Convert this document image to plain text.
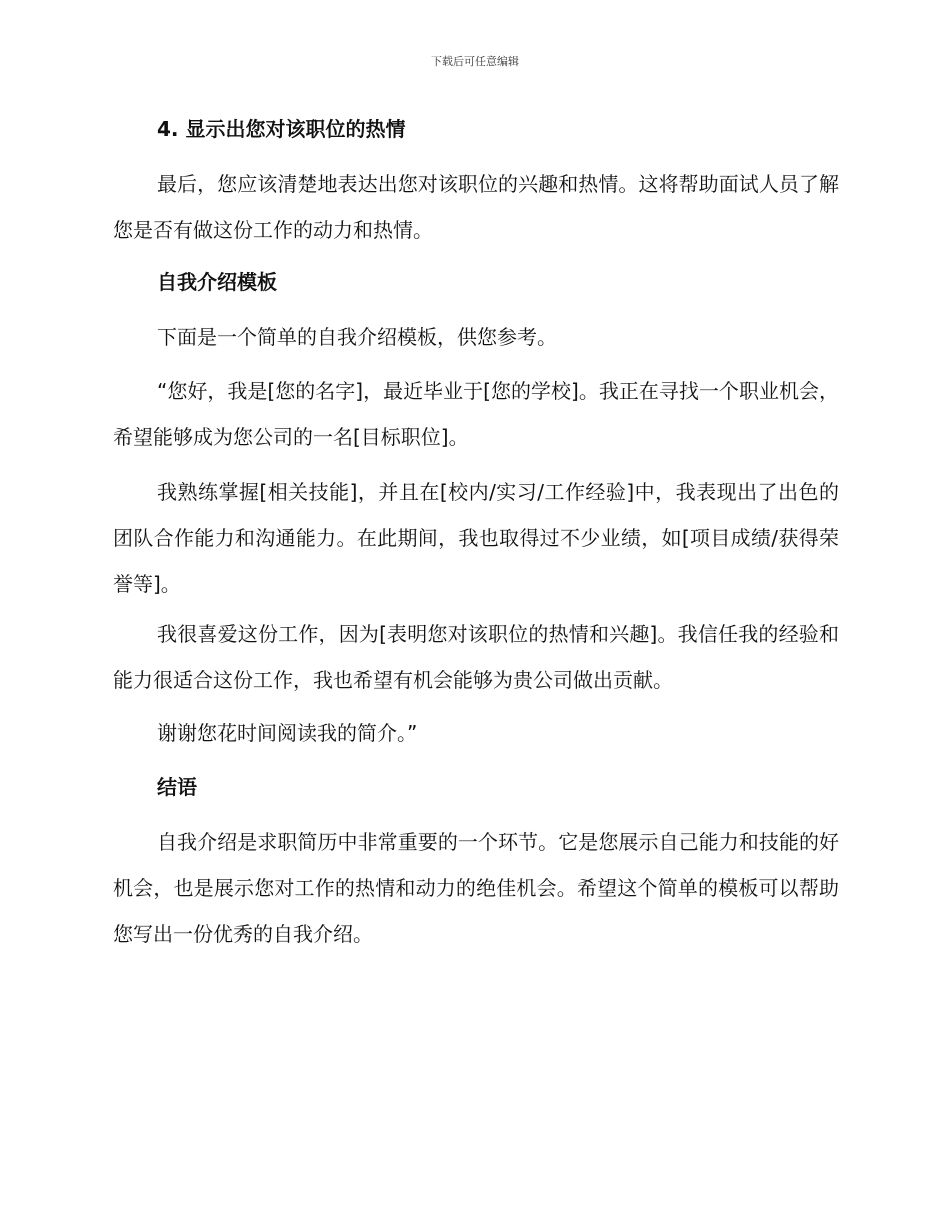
下载后可任意编辑

4. 显示出您对该职位的热情

最后，您应该清楚地表达出您对该职位的兴趣和热情。这将帮助面试人员了解您是否有做这份工作的动力和热情。

自我介绍模板

下面是一个简单的自我介绍模板，供您参考。

“您好，我是[您的名字]，最近毕业于[您的学校]。我正在寻找一个职业机会，希望能够成为您公司的一名[目标职位]。

我熟练掌握[相关技能]，并且在[校内/实习/工作经验]中，我表现出了出色的团队合作能力和沟通能力。在此期间，我也取得过不少业绩，如[项目成绩/获得荣誉等]。

我很喜爱这份工作，因为[表明您对该职位的热情和兴趣]。我信任我的经验和能力很适合这份工作，我也希望有机会能够为贵公司做出贡献。

谢谢您花时间阅读我的简介。”

结语

自我介绍是求职简历中非常重要的一个环节。它是您展示自己能力和技能的好机会，也是展示您对工作的热情和动力的绝佳机会。希望这个简单的模板可以帮助您写出一份优秀的自我介绍。
